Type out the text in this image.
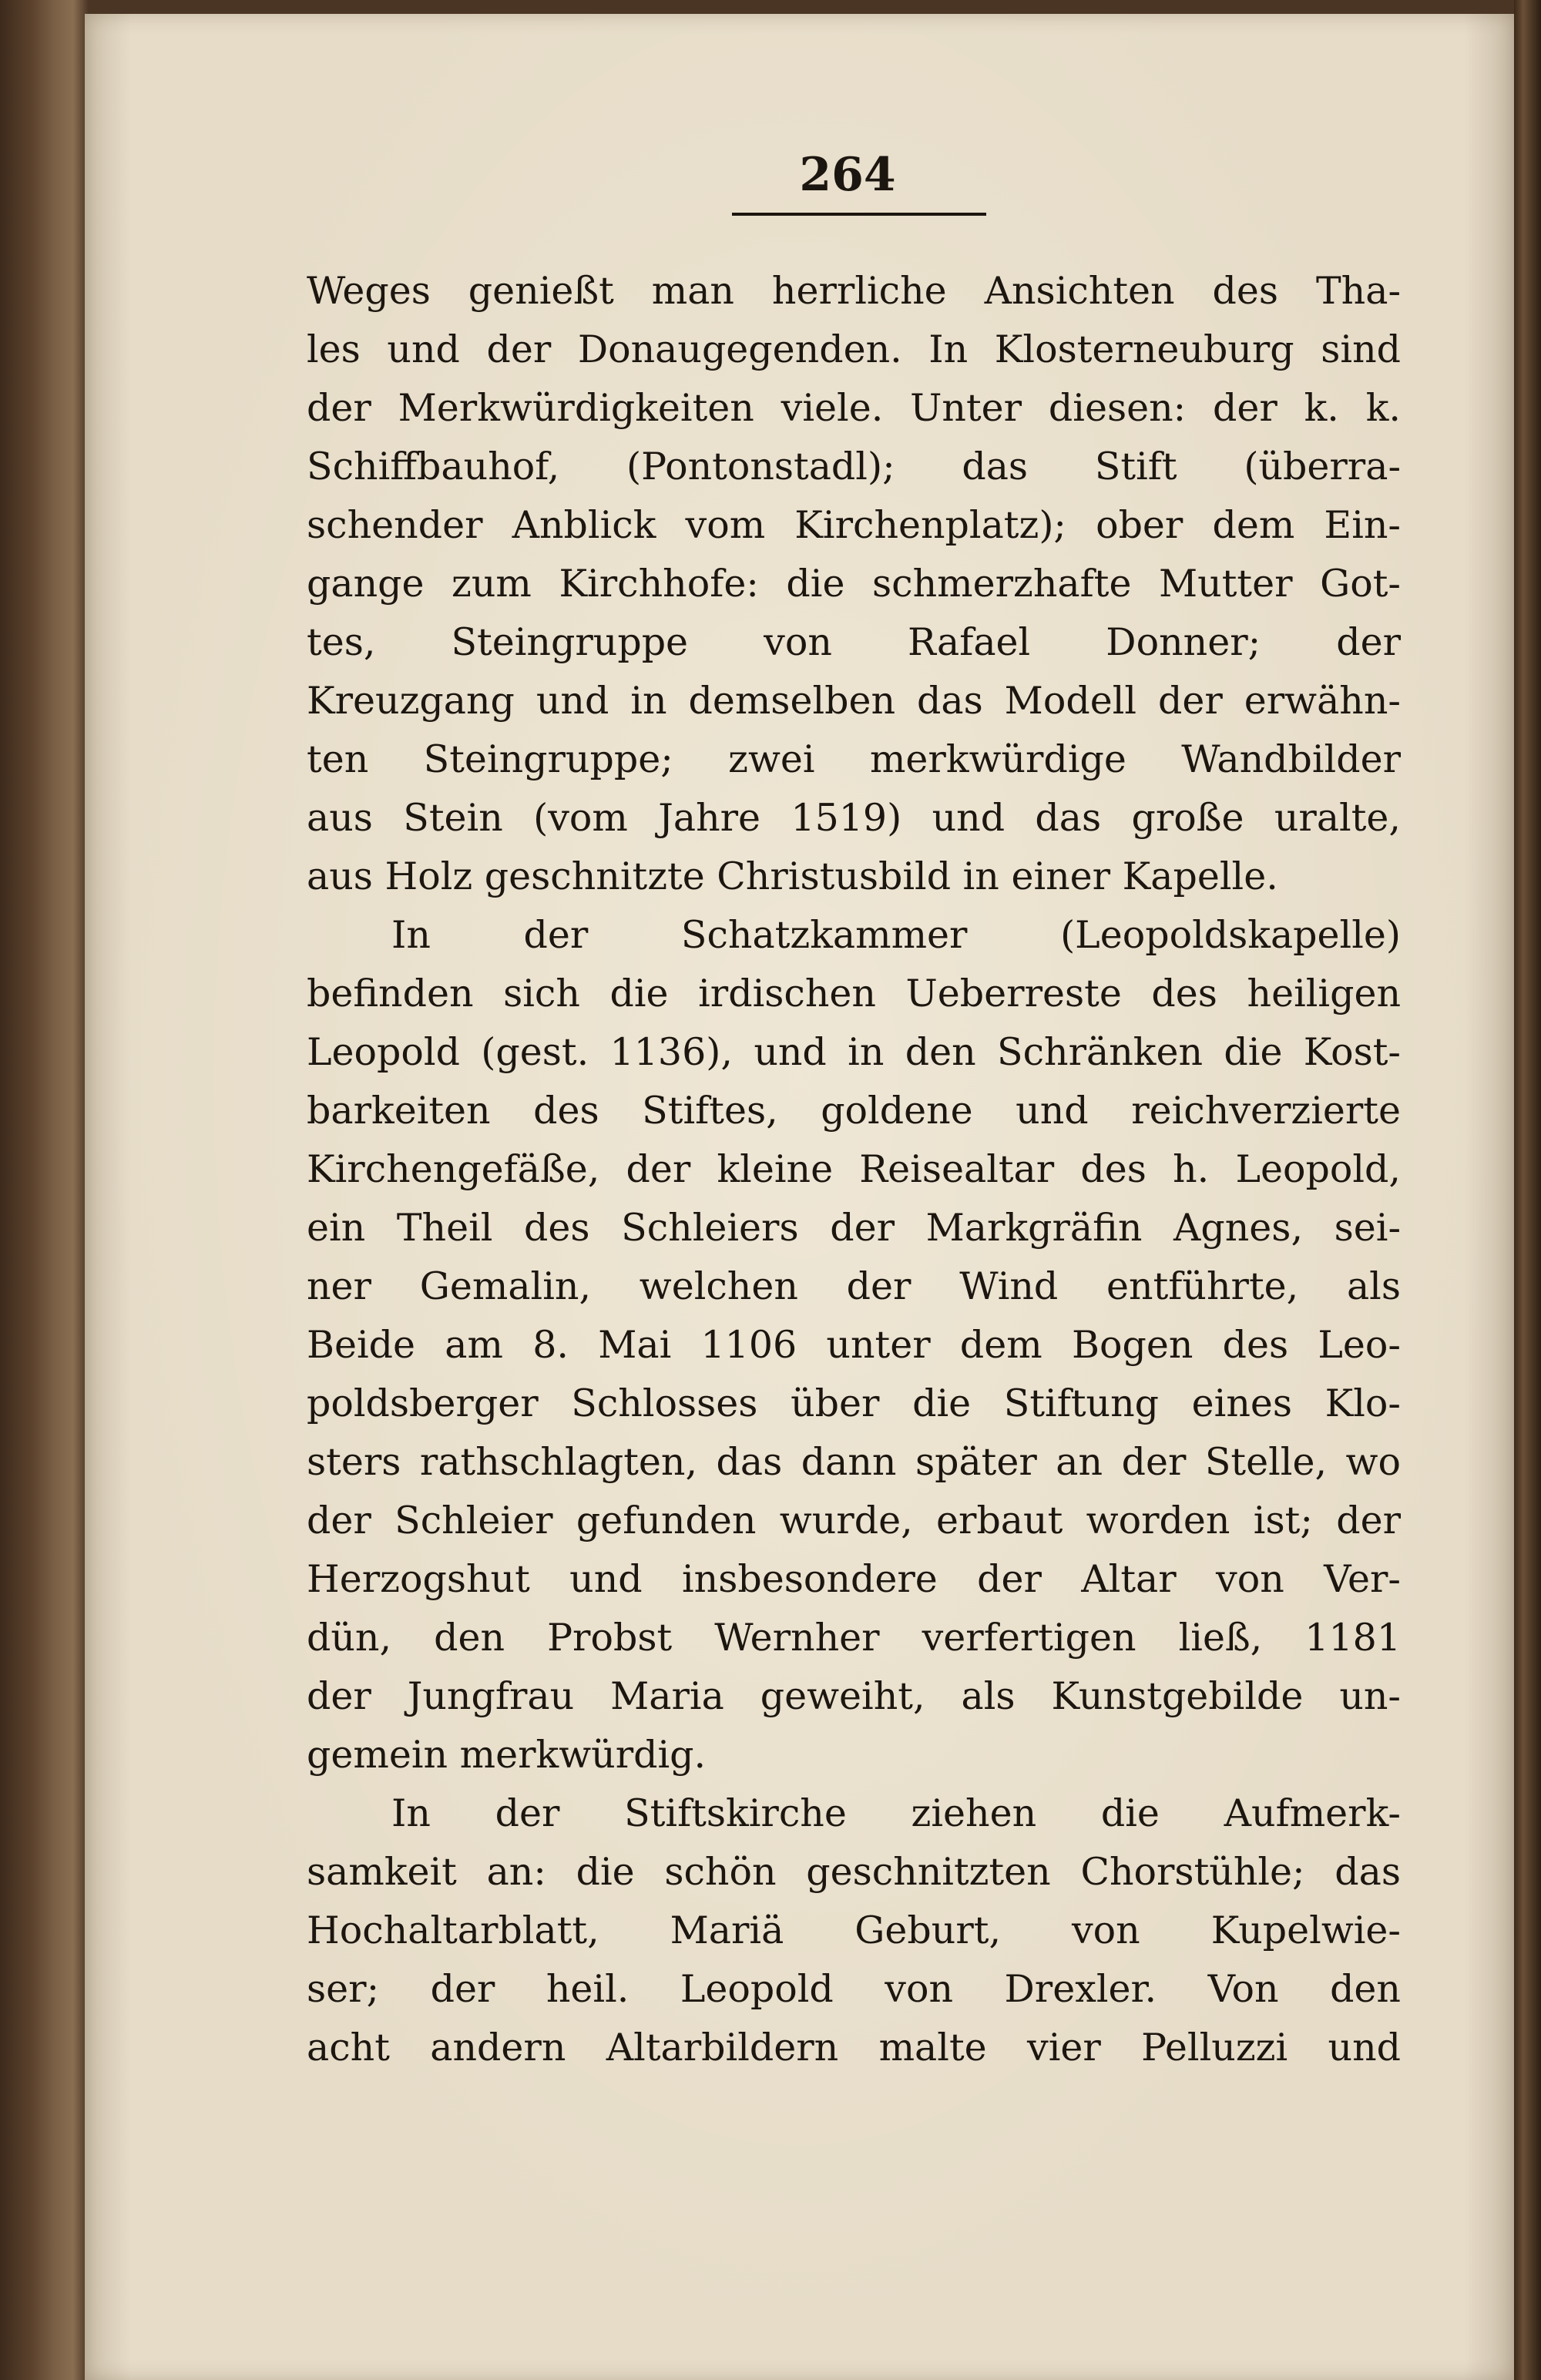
264
Weges genießt man herrliche Ansichten des Tha-
les und der Donaugegenden. In Klosterneuburg sind
der Merkwürdigkeiten viele. Unter diesen: der k. k.
Schiffbauhof, (Pontonstadl); das Stift (überra-
schender Anblick vom Kirchenplatz); ober dem Ein-
gange zum Kirchhofe: die schmerzhafte Mutter Got-
tes, Steingruppe von Rafael Donner; der
Kreuzgang und in demselben das Modell der erwähn-
ten Steingruppe; zwei merkwürdige Wandbilder
aus Stein (vom Jahre 1519) und das große uralte,
aus Holz geschnitzte Christusbild in einer Kapelle.
In der Schatzkammer (Leopoldskapelle)
befinden sich die irdischen Ueberreste des heiligen
Leopold (gest. 1136), und in den Schränken die Kost-
barkeiten des Stiftes, goldene und reichverzierte
Kirchengefäße, der kleine Reisealtar des h. Leopold,
ein Theil des Schleiers der Markgräfin Agnes, sei-
ner Gemalin, welchen der Wind entführte, als
Beide am 8. Mai 1106 unter dem Bogen des Leo-
poldsberger Schlosses über die Stiftung eines Klo-
sters rathschlagten, das dann später an der Stelle, wo
der Schleier gefunden wurde, erbaut worden ist; der
Herzogshut und insbesondere der Altar von Ver-
dün, den Probst Wernher verfertigen ließ, 1181
der Jungfrau Maria geweiht, als Kunstgebilde un-
gemein merkwürdig.
In der Stiftskirche ziehen die Aufmerk-
samkeit an: die schön geschnitzten Chorstühle; das
Hochaltarblatt, Mariä Geburt, von Kupelwie-
ser; der heil. Leopold von Drexler. Von den
acht andern Altarbildern malte vier Pelluzzi und
